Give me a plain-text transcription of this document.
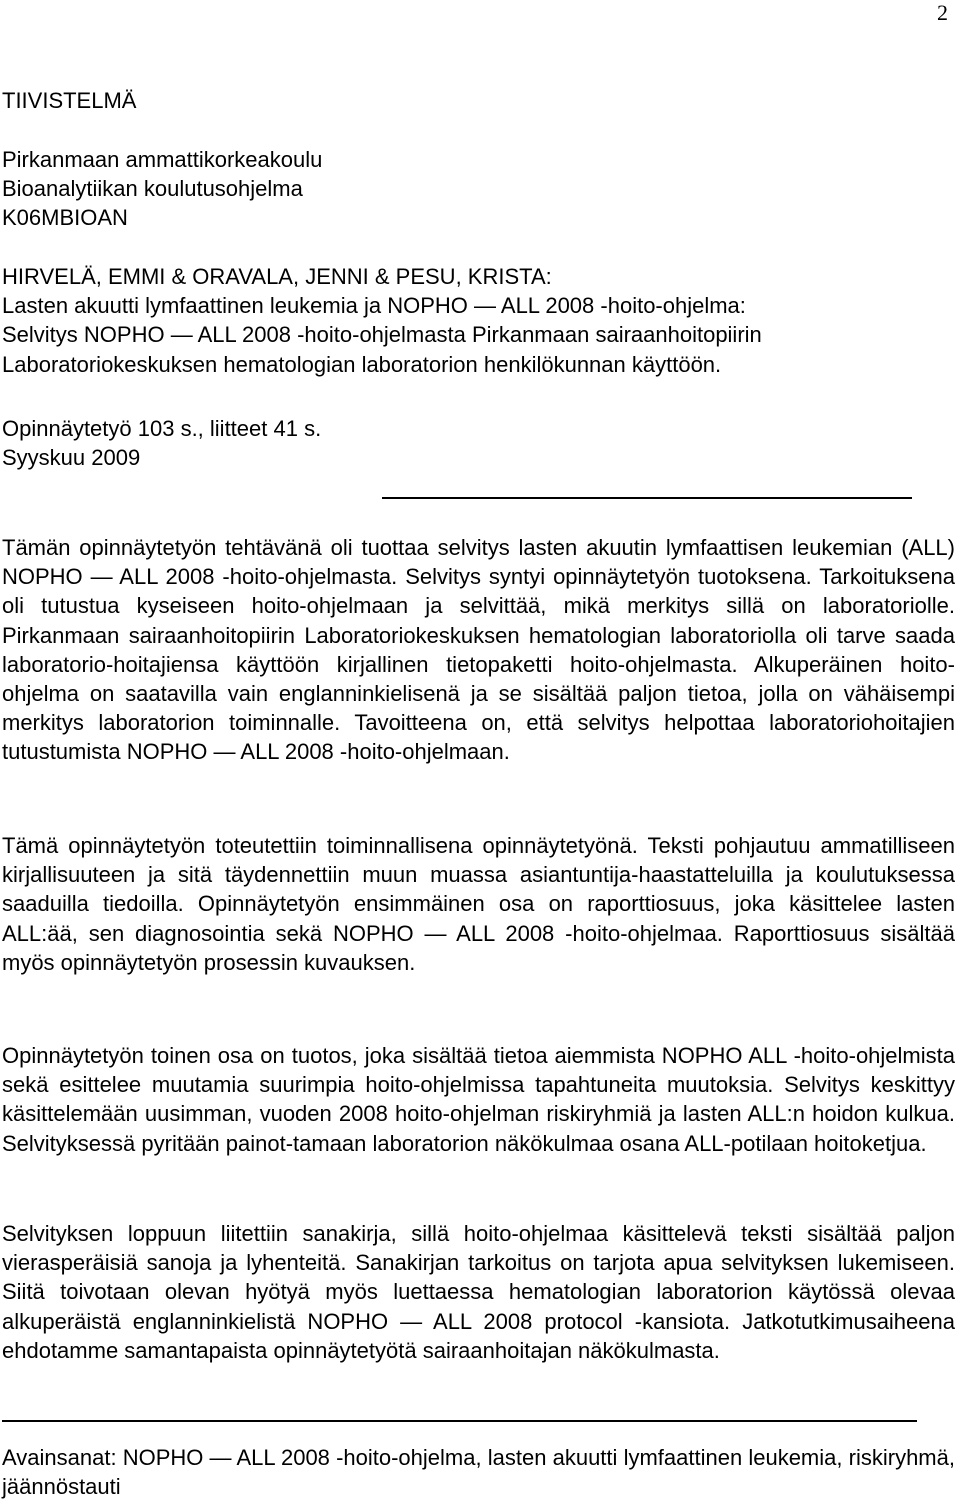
2
TIIVISTELMÄ
Pirkanmaan ammattikorkeakoulu
Bioanalytiikan koulutusohjelma
K06MBIOAN
HIRVELÄ, EMMI & ORAVALA, JENNI & PESU, KRISTA:
Lasten akuutti lymfaattinen leukemia ja NOPHO — ALL 2008 -hoito-ohjelma:
Selvitys NOPHO — ALL 2008 -hoito-ohjelmasta Pirkanmaan sairaanhoitopiirin
Laboratoriokeskuksen hematologian laboratorion henkilökunnan käyttöön.
Opinnäytetyö 103 s., liitteet 41 s.
Syyskuu 2009

Tämän opinnäytetyön tehtävänä oli tuottaa selvitys lasten akuutin lymfaattisen leukemian (ALL) NOPHO — ALL 2008 -hoito-ohjelmasta. Selvitys syntyi opinnäytetyön tuotoksena. Tarkoituksena oli tutustua kyseiseen hoito-ohjelmaan ja selvittää, mikä merkitys sillä on laboratoriolle. Pirkanmaan sairaanhoitopiirin Laboratoriokeskuksen hematologian laboratoriolla oli tarve saada laboratorio-hoitajiensa käyttöön kirjallinen tietopaketti hoito-ohjelmasta. Alkuperäinen hoito-ohjelma on saatavilla vain englanninkielisenä ja se sisältää paljon tietoa, jolla on vähäisempi merkitys laboratorion toiminnalle. Tavoitteena on, että selvitys helpottaa laboratoriohoitajien tutustumista NOPHO — ALL 2008 -hoito-ohjelmaan.

Tämä opinnäytetyön toteutettiin toiminnallisena opinnäytetyönä. Teksti pohjautuu ammatilliseen kirjallisuuteen ja sitä täydennettiin muun muassa asiantuntija-haastatteluilla ja koulutuksessa saaduilla tiedoilla. Opinnäytetyön ensimmäinen osa on raporttiosuus, joka käsittelee lasten ALL:ää, sen diagnosointia sekä NOPHO — ALL 2008 -hoito-ohjelmaa. Raporttiosuus sisältää myös opinnäytetyön prosessin kuvauksen.

Opinnäytetyön toinen osa on tuotos, joka sisältää tietoa aiemmista NOPHO ALL -hoito-ohjelmista sekä esittelee muutamia suurimpia hoito-ohjelmissa tapahtuneita muutoksia. Selvitys keskittyy käsittelemään uusimman, vuoden 2008 hoito-ohjelman riskiryhmiä ja lasten ALL:n hoidon kulkua. Selvityksessä pyritään painot-tamaan laboratorion näkökulmaa osana ALL-potilaan hoitoketjua.

Selvityksen loppuun liitettiin sanakirja, sillä hoito-ohjelmaa käsittelevä teksti sisältää paljon vierasperäisiä sanoja ja lyhenteitä. Sanakirjan tarkoitus on tarjota apua selvityksen lukemiseen. Siitä toivotaan olevan hyötyä myös luettaessa hematologian laboratorion käytössä olevaa alkuperäistä englanninkielistä NOPHO — ALL 2008 protocol -kansiota. Jatkotutkimusaiheena ehdotamme samantapaista opinnäytetyötä sairaanhoitajan näkökulmasta.

Avainsanat: NOPHO — ALL 2008 -hoito-ohjelma, lasten akuutti lymfaattinen leukemia, riskiryhmä, jäännöstauti
